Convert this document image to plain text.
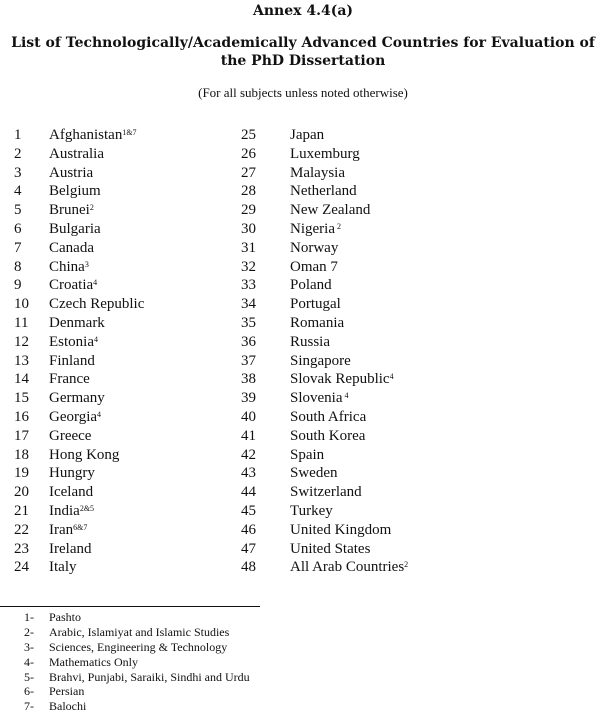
Annex 4.4(a)
List of Technologically/Academically Advanced Countries for Evaluation of
the PhD Dissertation
(For all subjects unless noted otherwise)
1 Afghanistan$^{1\&7}$	25 Japan
2 Australia	26 Luxemburg
3 Austria	27 Malaysia
4 Belgium	28 Netherland
5 Brunei$^2$	29 New Zealand
6 Bulgaria	30 Nigeria $^2$
7 Canada	31 Norway
8 China$^3$	32 Oman 7
9 Croatia$^4$	33 Poland
10 Czech Republic	34 Portugal
11 Denmark	35 Romania
12 Estonia$^4$	36 Russia
13 Finland	37 Singapore
14 France	38 Slovak Republic$^4$
15 Germany	39 Slovenia $^4$
16 Georgia$^4$	40 South Africa
17 Greece	41 South Korea
18 Hong Kong	42 Spain
19 Hungry	43 Sweden
20 Iceland	44 Switzerland
21 India$^{2\&5}$	45 Turkey
22 Iran$^{6\&7}$	46 United Kingdom
23 Ireland	47 United States
24 Italy	48 All Arab Countries$^2$
1- Pashto
2- Arabic, Islamiyat and Islamic Studies
3- Sciences, Engineering & Technology
4- Mathematics Only
5- Brahvi, Punjabi, Saraiki, Sindhi and Urdu
6- Persian
7- Balochi
